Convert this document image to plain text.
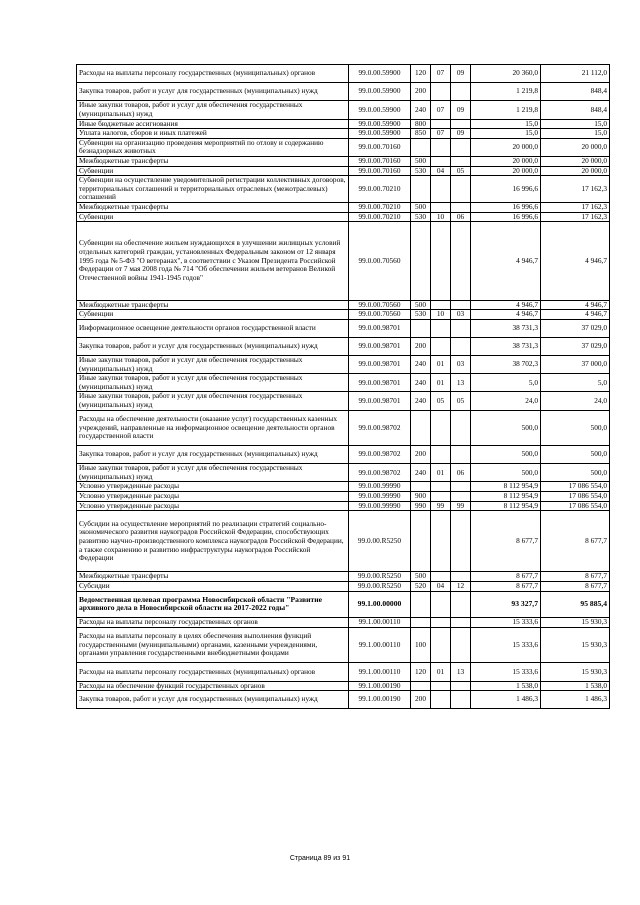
Расходы на выплаты персоналу государственных (муниципальных) органов	99.0.00.59900	120	07	09	20 360,0	21 112,0
Закупка товаров, работ и услуг для государственных (муниципальных) нужд	99.0.00.59900	200			1 219,8	848,4
Иные закупки товаров, работ и услуг для обеспечения государственных (муниципальных) нужд	99.0.00.59900	240	07	09	1 219,8	848,4
Иные бюджетные ассигнования	99.0.00.59900	800			15,0	15,0
Уплата налогов, сборов и иных платежей	99.0.00.59900	850	07	09	15,0	15,0
Субвенции на организацию проведения мероприятий по отлову и содержанию безнадзорных животных	99.0.00.70160				20 000,0	20 000,0
Межбюджетные трансферты	99.0.00.70160	500			20 000,0	20 000,0
Субвенции	99.0.00.70160	530	04	05	20 000,0	20 000,0
Субвенции на осуществление уведомительной регистрации коллективных договоров, территориальных соглашений и территориальных отраслевых (межотраслевых) соглашений	99.0.00.70210				16 996,6	17 162,3
Межбюджетные трансферты	99.0.00.70210	500			16 996,6	17 162,3
Субвенции	99.0.00.70210	530	10	06	16 996,6	17 162,3
Субвенции на обеспечение жильем нуждающихся в улучшении жилищных условий отдельных категорий граждан, установленных Федеральным законом от 12 января 1995 года № 5-ФЗ "О ветеранах", в соответствии с Указом Президента Российской Федерации от 7 мая 2008 года № 714 "Об обеспечении жильем ветеранов Великой Отечественной войны 1941-1945 годов"	99.0.00.70560				4 946,7	4 946,7
Межбюджетные трансферты	99.0.00.70560	500			4 946,7	4 946,7
Субвенции	99.0.00.70560	530	10	03	4 946,7	4 946,7
Информационное освещение деятельности органов государственной власти	99.0.00.98701				38 731,3	37 029,0
Закупка товаров, работ и услуг для государственных (муниципальных) нужд	99.0.00.98701	200			38 731,3	37 029,0
Иные закупки товаров, работ и услуг для обеспечения государственных (муниципальных) нужд	99.0.00.98701	240	01	03	38 702,3	37 000,0
Иные закупки товаров, работ и услуг для обеспечения государственных (муниципальных) нужд	99.0.00.98701	240	01	13	5,0	5,0
Иные закупки товаров, работ и услуг для обеспечения государственных (муниципальных) нужд	99.0.00.98701	240	05	05	24,0	24,0
Расходы на обеспечение деятельности (оказание услуг) государственных казенных учреждений, направленные на информационное освещение деятельности органов государственной власти	99.0.00.98702				500,0	500,0
Закупка товаров, работ и услуг для государственных (муниципальных) нужд	99.0.00.98702	200			500,0	500,0
Иные закупки товаров, работ и услуг для обеспечения государственных (муниципальных) нужд	99.0.00.98702	240	01	06	500,0	500,0
Условно утвержденные расходы	99.0.00.99990				8 112 954,9	17 086 554,0
Условно утвержденные расходы	99.0.00.99990	900			8 112 954,9	17 086 554,0
Условно утвержденные расходы	99.0.00.99990	990	99	99	8 112 954,9	17 086 554,0
Субсидии на осуществление мероприятий по реализации стратегий социально-экономического развития наукоградов Российской Федерации, способствующих развитию научно-производственного комплекса наукоградов Российской Федерации, а также сохранению и развитию инфраструктуры наукоградов Российской Федерации	99.0.00.R5250				8 677,7	8 677,7
Межбюджетные трансферты	99.0.00.R5250	500			8 677,7	8 677,7
Субсидии	99.0.00.R5250	520	04	12	8 677,7	8 677,7
Ведомственная целевая программа Новосибирской области "Развитие архивного дела в Новосибирской области на 2017-2022 годы"	99.1.00.00000				93 327,7	95 885,4
Расходы на выплаты персоналу государственных органов	99.1.00.00110				15 333,6	15 930,3
Расходы на выплаты персоналу в целях обеспечения выполнения функций государственными (муниципальными) органами, казенными учреждениями, органами управления государственными внебюджетными фондами	99.1.00.00110	100			15 333,6	15 930,3
Расходы на выплаты персоналу государственных (муниципальных) органов	99.1.00.00110	120	01	13	15 333,6	15 930,3
Расходы на обеспечение функций государственных органов	99.1.00.00190				1 538,0	1 538,0
Закупка товаров, работ и услуг для государственных (муниципальных) нужд	99.1.00.00190	200			1 486,3	1 486,3
Страница 89 из 91
